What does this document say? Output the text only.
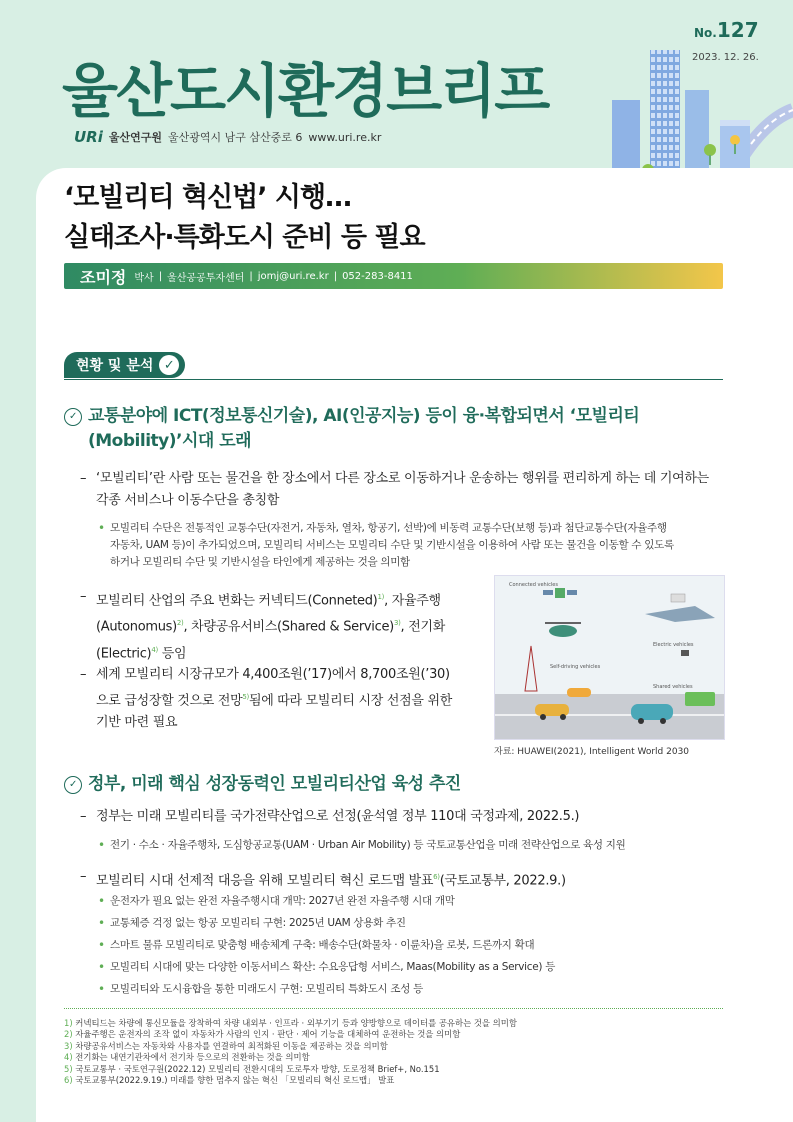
울산도시환경브리프
No.127
2023. 12. 26.
URi 울산연구원 울산광역시 남구 삼산중로 6 www.uri.re.kr
‘모빌리티 혁신법’ 시행…
실태조사·특화도시 준비 등 필요
조미정 박사 | 울산공공투자센터 | jomj@uri.re.kr | 052-283-8411
현황 및 분석 ✓
✓ 교통분야에 ICT(정보통신기술), AI(인공지능) 등이 융·복합되면서 ‘모빌리티
(Mobility)’시대 도래
– ‘모빌리티’란 사람 또는 물건을 한 장소에서 다른 장소로 이동하거나 운송하는 행위를 편리하게 하는 데 기여하는
각종 서비스나 이동수단을 총칭함
• 모빌리티 수단은 전통적인 교통수단(자전거, 자동차, 열차, 항공기, 선박)에 비동력 교통수단(보행 등)과 첨단교통수단(자율주행
자동차, UAM 등)이 추가되었으며, 모빌리티 서비스는 모빌리티 수단 및 기반시설을 이용하여 사람 또는 물건을 이동할 수 있도록
하거나 모빌리티 수단 및 기반시설을 타인에게 제공하는 것을 의미함
– 모빌리티 산업의 주요 변화는 커넥티드(Conneted)$^{1)}$, 자율주행
(Autonomus)$^{2)}$, 차량공유서비스(Shared & Service)$^{3)}$, 전기화
(Electric)$^{4)}$ 등임
– 세계 모빌리티 시장규모가 4,400조원(’17)에서 8,700조원(’30)
으로 급성장할 것으로 전망$^{5)}$됨에 따라 모빌리티 시장 선점을 위한
기반 마련 필요
Connected vehicles
Self-driving vehicles
Electric vehicles
Shared vehicles
자료: HUAWEI(2021), Intelligent World 2030
✓ 정부, 미래 핵심 성장동력인 모빌리티산업 육성 추진
– 정부는 미래 모빌리티를 국가전략산업으로 선정(윤석열 정부 110대 국정과제, 2022.5.)
• 전기 · 수소 · 자율주행차, 도심항공교통(UAM · Urban Air Mobility) 등 국토교통산업을 미래 전략산업으로 육성 지원
– 모빌리티 시대 선제적 대응을 위해 모빌리티 혁신 로드맵 발표$^{6)}$(국토교통부, 2022.9.)
• 운전자가 필요 없는 완전 자율주행시대 개막: 2027년 완전 자율주행 시대 개막
• 교통체증 걱정 없는 항공 모빌리티 구현: 2025년 UAM 상용화 추진
• 스마트 물류 모빌리티로 맞춤형 배송체계 구축: 배송수단(화물차 · 이륜차)을 로봇, 드론까지 확대
• 모빌리티 시대에 맞는 다양한 이동서비스 확산: 수요응답형 서비스, Maas(Mobility as a Service) 등
• 모빌리티와 도시융합을 통한 미래도시 구현: 모빌리티 특화도시 조성 등
1) 커넥티드는 차량에 통신모듈을 장착하여 차량 내외부 · 인프라 · 외부기기 등과 양방향으로 데이터를 공유하는 것을 의미함
2) 자율주행은 운전자의 조작 없이 자동차가 사람의 인지 · 판단 · 제어 기능을 대체하여 운전하는 것을 의미함
3) 차량공유서비스는 자동차와 사용자를 연결하여 최적화된 이동을 제공하는 것을 의미함
4) 전기화는 내연기관차에서 전기차 등으로의 전환하는 것을 의미함
5) 국토교통부 · 국토연구원(2022.12) 모빌리티 전환시대의 도로투자 방향, 도로정책 Brief+, No.151
6) 국토교통부(2022.9.19.) 미래를 향한 멈추지 않는 혁신 「모빌리티 혁신 로드맵」 발표
